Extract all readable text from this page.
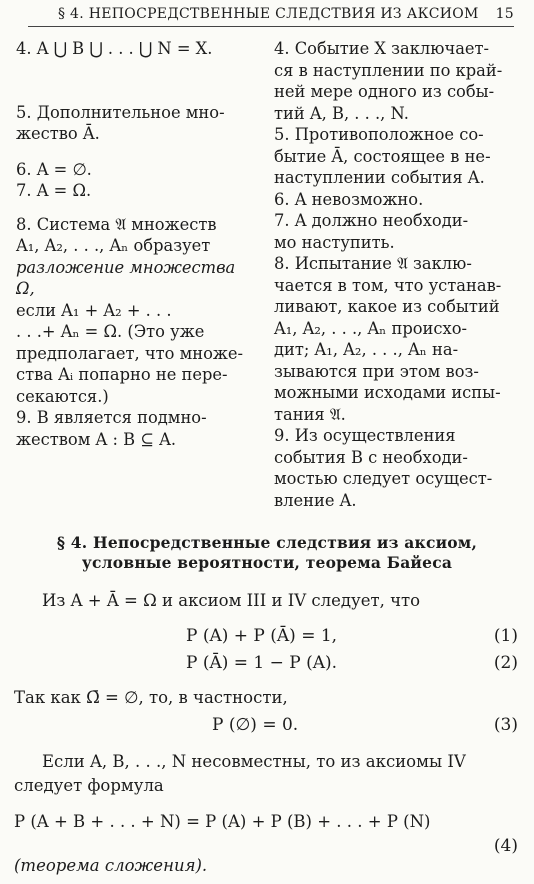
§ 4. НЕПОСРЕДСТВЕННЫЕ СЛЕДСТВИЯ ИЗ АКСИОМ 15

4. A ⋃ B ⋃ . . . ⋃ N = X.

5. Дополнительное мно-

жество Ā.

6. A = ∅.

7. A = Ω.

8. Система 𝔄 множеств

A₁, A₂, . . ., Aₙ образует

разложение множества Ω,

если A₁ + A₂ + . . .

. . .+ Aₙ = Ω. (Это уже

предполагает, что множе-

ства Aᵢ попарно не пере-

секаются.)

9. B является подмно-

жеством A : B ⊆ A.

4. Событие X заключает-

ся в наступлении по край-

ней мере одного из собы-

тий A, B, . . ., N.

5. Противоположное со-

бытие Ā, состоящее в не-

наступлении события A.

6. A невозможно.

7. A должно необходи-

мо наступить.

8. Испытание 𝔄 заклю-

чается в том, что устанав-

ливают, какое из событий

A₁, A₂, . . ., Aₙ происхо-

дит; A₁, A₂, . . ., Aₙ на-

зываются при этом воз-

можными исходами испы-

тания 𝔄.

9. Из осуществления

события B с необходи-

мостью следует осущест-

вление A.

§ 4. Непосредственные следствия из аксиом,
условные вероятности, теорема Байеса
Из A + Ā = Ω и аксиом III и IV следует, что
P (A) + P (Ā) = 1,	(1)
P (Ā) = 1 − P (A).	(2)
Так как Ω̄ = ∅, то, в частности,
P (∅) = 0.	(3)
Если A, B, . . ., N несовместны, то из аксиомы IV
следует формула
P (A + B + . . . + N) = P (A) + P (B) + . . . + P (N)
(4)
(теорема сложения).
